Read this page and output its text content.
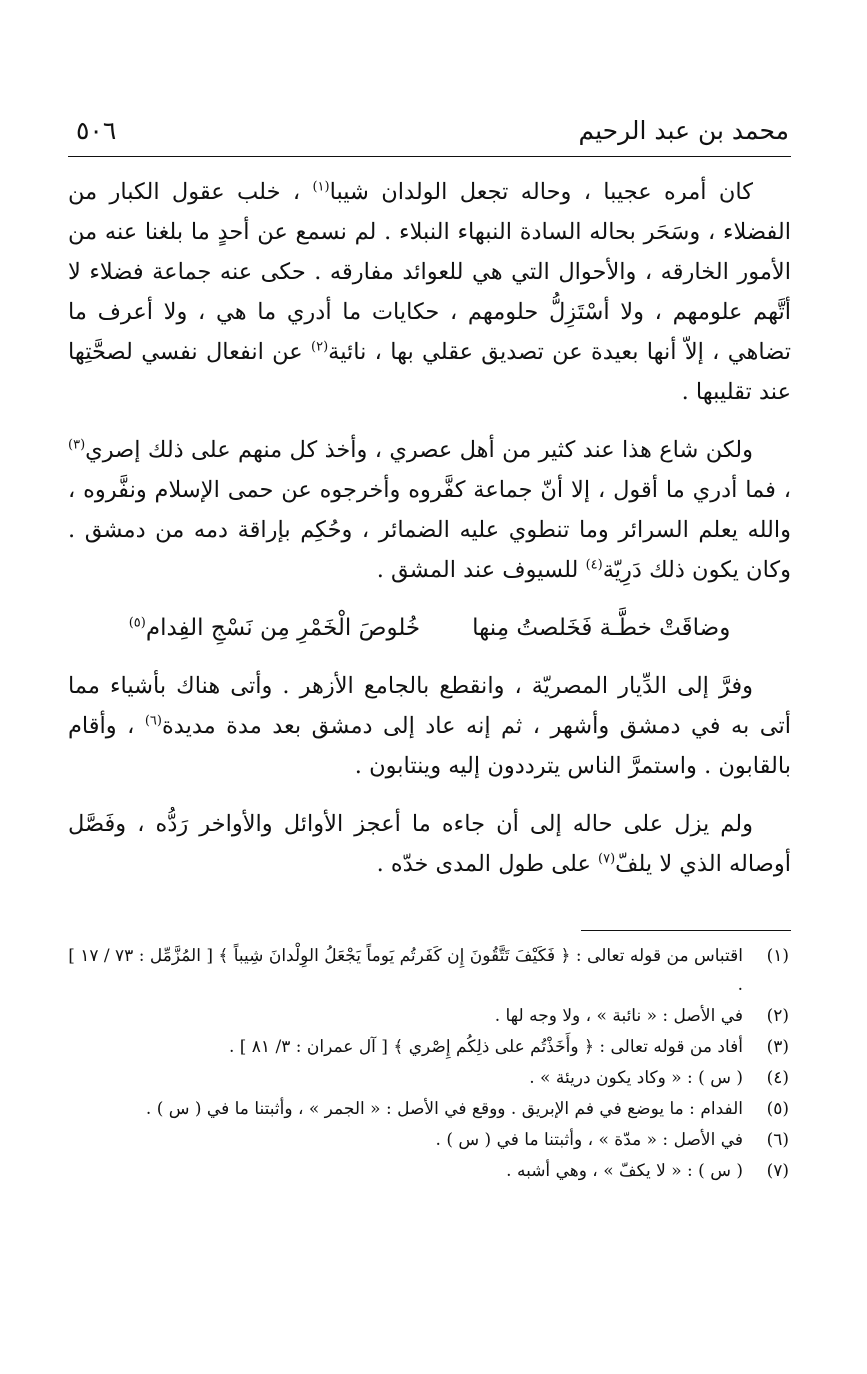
محمد بن عبد الرحيم
٥٠٦

كان أمره عجيبا ، وحاله تجعل الولدان شيبا$^{(١)}$ ، خلب عقول الكبار من الفضلاء ، وسَحَر بحاله السادة النبهاء النبلاء . لم نسمع عن أحدٍ ما بلغنا عنه من الأمور الخارقه ، والأحوال التي هي للعوائد مفارقه . حكى عنه جماعة فضلاء لا أتَّهم علومهم ، ولا أسْتَزِلُّ حلومهم ، حكايات ما أدري ما هي ، ولا أعرف ما تضاهي ، إلاّ أنها بعيدة عن تصديق عقلي بها ، نائية$^{(٢)}$ عن انفعال نفسي لصحَّتِها عند تقليبها .

ولكن شاع هذا عند كثير من أهل عصري ، وأخذ كل منهم على ذلك إصري$^{(٣)}$ ، فما أدري ما أقول ، إلا أنّ جماعة كفَّروه وأخرجوه عن حمى الإسلام ونفَّروه ، والله يعلم السرائر وما تنطوي عليه الضمائر ، وحُكِم بإراقة دمه من دمشق . وكان يكون ذلك دَرِيّة$^{(٤)}$ للسيوف عند المشق .

وضاقَتْ خطَّـة فَخَلصتُ مِنها
خُلوصَ الْخَمْرِ مِن نَسْجِ الفِدام$^{(٥)}$

وفرَّ إلى الدِّيار المصريّة ، وانقطع بالجامع الأزهر . وأتى هناك بأشياء مما أتى به في دمشق وأشهر ، ثم إنه عاد إلى دمشق بعد مدة مديدة$^{(٦)}$ ، وأقام بالقابون . واستمرَّ الناس يترددون إليه وينتابون .

ولم يزل على حاله إلى أن جاءه ما أعجز الأوائل والأواخر رَدُّه ، وفَصَّل أوصاله الذي لا يلفّ$^{(٧)}$ على طول المدى خدّه .

(١)
اقتباس من قوله تعالى : ﴿ فَكَيْفَ تَتَّقُونَ إِن كَفَرتُم يَوماً يَجْعَلُ الوِلْدانَ شِيباً ﴾ [ المُزَّمِّل : ٧٣ / ١٧ ] .
(٢)
في الأصل : « نائبة » ، ولا وجه لها .
(٣)
أفاد من قوله تعالى : ﴿ وأَخَذْتُم على ذلِكُم إِصْري ﴾ [ آل عمران : ٣/ ٨١ ] .
(٤)
( س ) : « وكاد يكون دريئة » .
(٥)
الفدام : ما يوضع في فم الإبريق . ووقع في الأصل : « الجمر » ، وأثبتنا ما في ( س ) .
(٦)
في الأصل : « مدّة » ، وأثبتنا ما في ( س ) .
(٧)
( س ) : « لا يكفّ » ، وهي أشبه .
